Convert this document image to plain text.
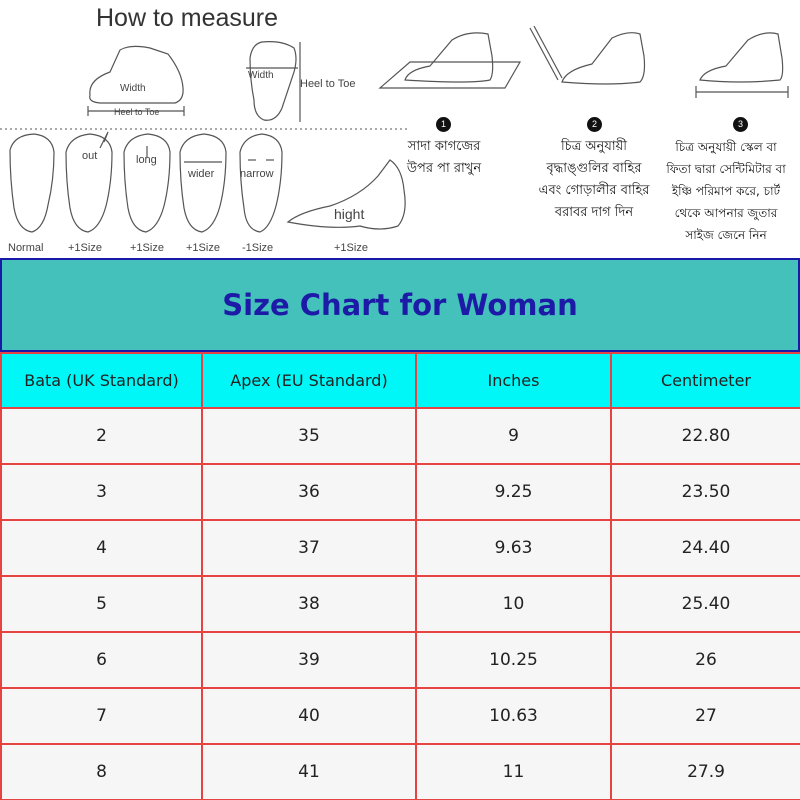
How to measure
Width
Heel to Toe
Width
Heel to Toe
out	long
wider narrow
hight
Normal +1Size	+1Size +1Size -1Size	+1Size
1
সাদা কাগজের
উপর পা রাখুন
2
চিত্র অনুযায়ী
বৃদ্ধাঙ্গুলির বাহির
এবং গোড়ালীর বাহির
বরাবর দাগ দিন
3
চিত্র অনুযায়ী স্কেল বা
ফিতা দ্বারা সেন্টিমিটার বা
ইঞ্চি পরিমাপ করে, চার্ট
থেকে আপনার জুতার
সাইজ জেনে নিন
Size Chart for Woman
Bata (UK Standard)	Apex (EU Standard)	Inches	Centimeter
2	35	9	22.80
3	36	9.25	23.50
4	37	9.63	24.40
5	38	10	25.40
6	39	10.25	26
7	40	10.63	27
8	41	11	27.9
